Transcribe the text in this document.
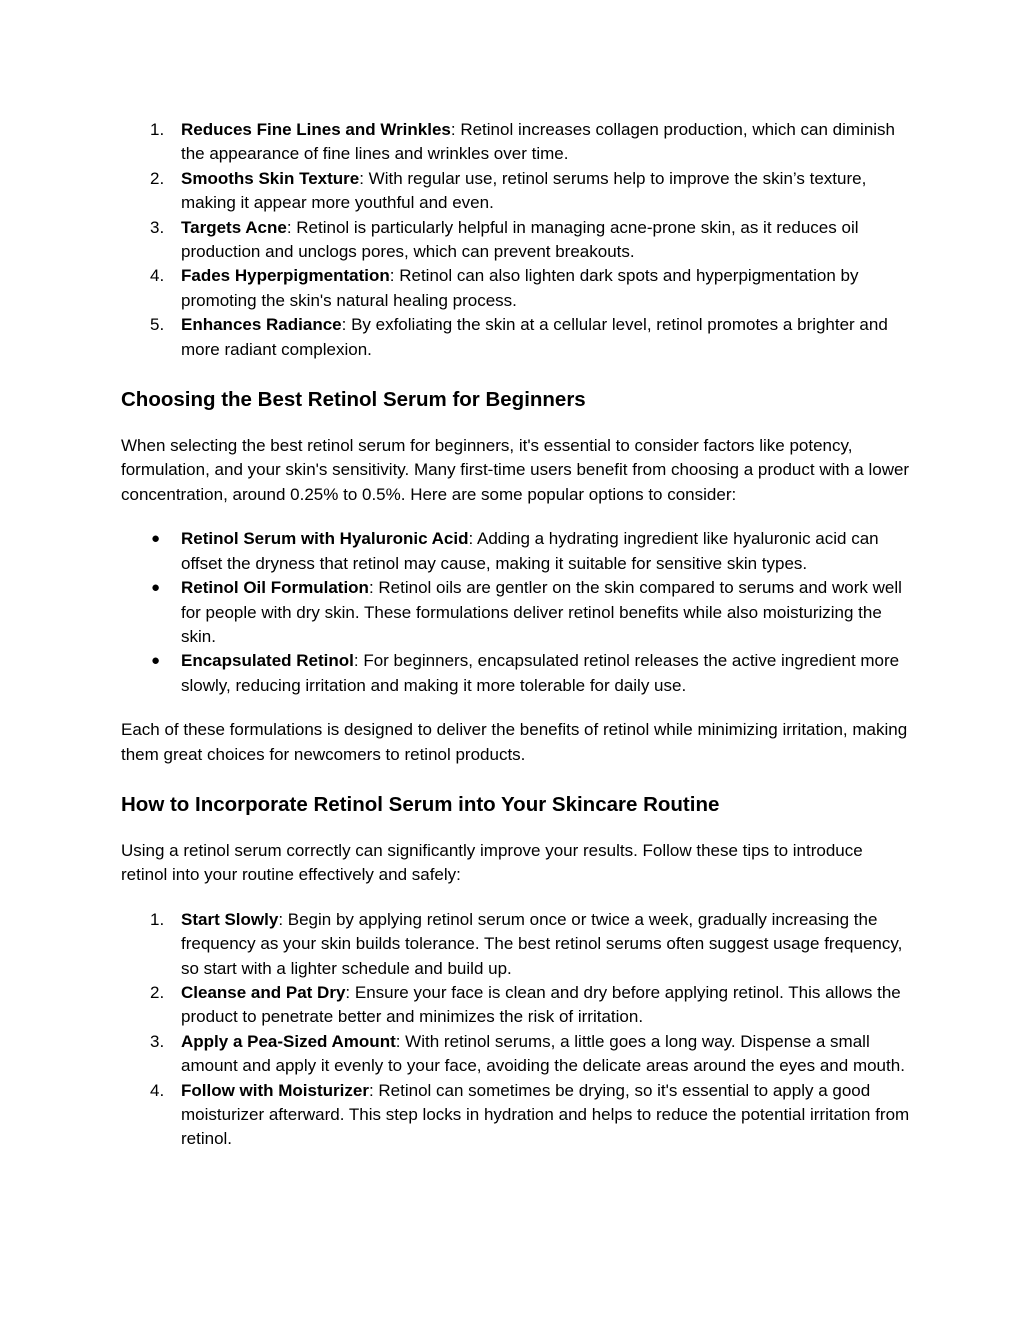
1. Reduces Fine Lines and Wrinkles: Retinol increases collagen production, which can diminish the appearance of fine lines and wrinkles over time.
2. Smooths Skin Texture: With regular use, retinol serums help to improve the skin’s texture, making it appear more youthful and even.
3. Targets Acne: Retinol is particularly helpful in managing acne-prone skin, as it reduces oil production and unclogs pores, which can prevent breakouts.
4. Fades Hyperpigmentation: Retinol can also lighten dark spots and hyperpigmentation by promoting the skin's natural healing process.
5. Enhances Radiance: By exfoliating the skin at a cellular level, retinol promotes a brighter and more radiant complexion.
Choosing the Best Retinol Serum for Beginners

When selecting the best retinol serum for beginners, it's essential to consider factors like potency, formulation, and your skin's sensitivity. Many first-time users benefit from choosing a product with a lower concentration, around 0.25% to 0.5%. Here are some popular options to consider:

● Retinol Serum with Hyaluronic Acid: Adding a hydrating ingredient like hyaluronic acid can offset the dryness that retinol may cause, making it suitable for sensitive skin types.
● Retinol Oil Formulation: Retinol oils are gentler on the skin compared to serums and work well for people with dry skin. These formulations deliver retinol benefits while also moisturizing the skin.
● Encapsulated Retinol: For beginners, encapsulated retinol releases the active ingredient more slowly, reducing irritation and making it more tolerable for daily use.

Each of these formulations is designed to deliver the benefits of retinol while minimizing irritation, making them great choices for newcomers to retinol products.

How to Incorporate Retinol Serum into Your Skincare Routine

Using a retinol serum correctly can significantly improve your results. Follow these tips to introduce retinol into your routine effectively and safely:

1. Start Slowly: Begin by applying retinol serum once or twice a week, gradually increasing the frequency as your skin builds tolerance. The best retinol serums often suggest usage frequency, so start with a lighter schedule and build up.
2. Cleanse and Pat Dry: Ensure your face is clean and dry before applying retinol. This allows the product to penetrate better and minimizes the risk of irritation.
3. Apply a Pea-Sized Amount: With retinol serums, a little goes a long way. Dispense a small amount and apply it evenly to your face, avoiding the delicate areas around the eyes and mouth.
4. Follow with Moisturizer: Retinol can sometimes be drying, so it's essential to apply a good moisturizer afterward. This step locks in hydration and helps to reduce the potential irritation from retinol.
